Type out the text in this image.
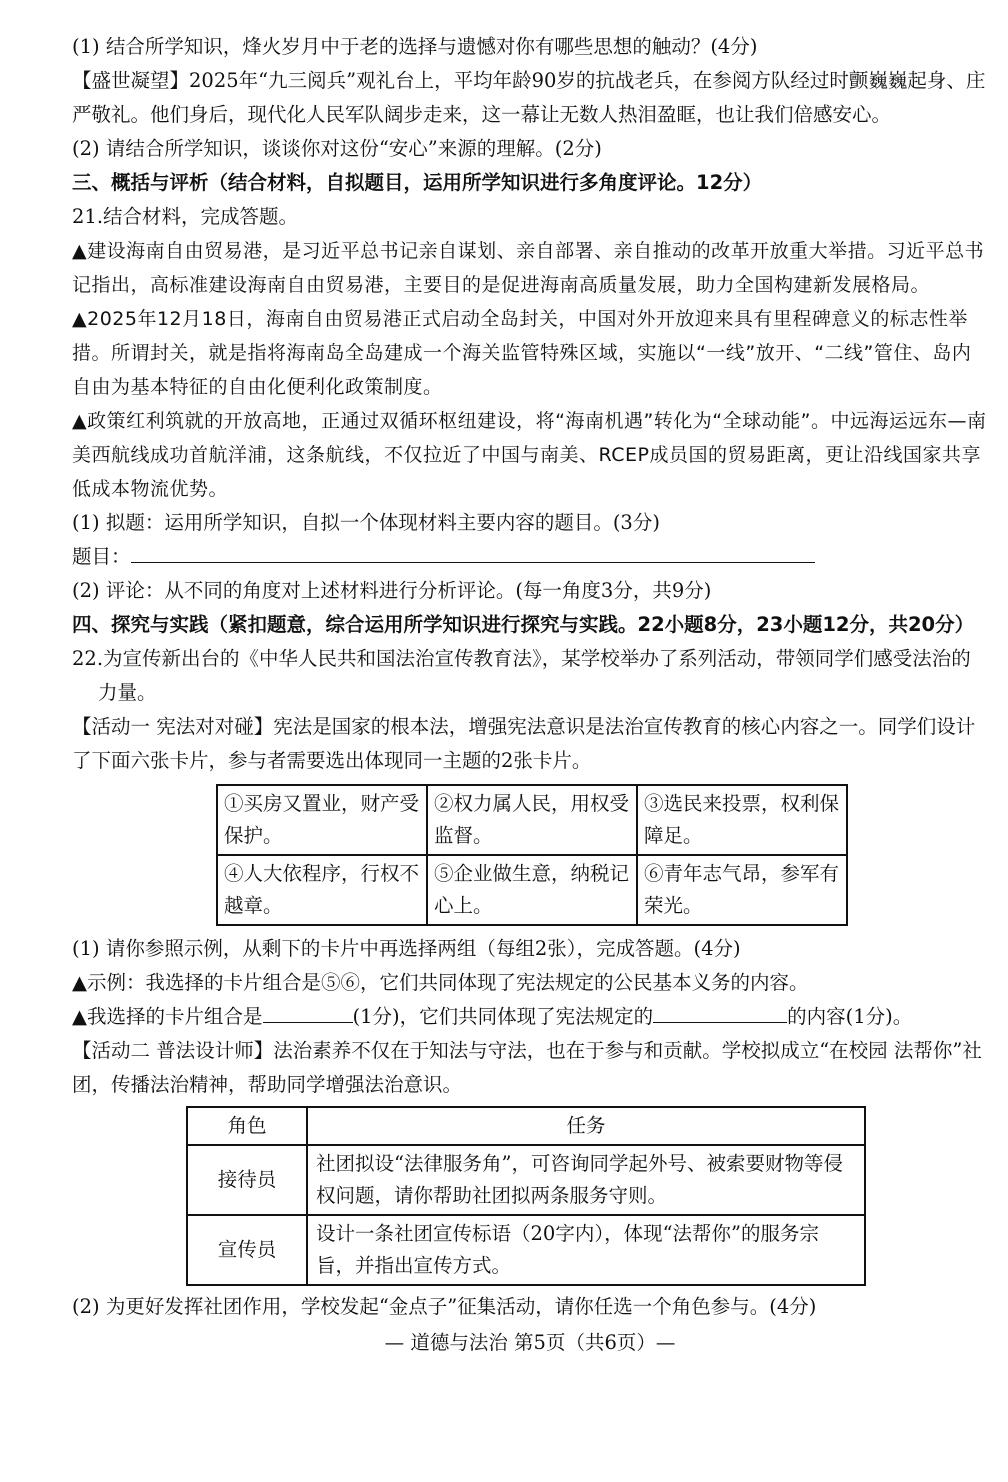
(1) 结合所学知识，烽火岁月中于老的选择与遗憾对你有哪些思想的触动？(4分)
【盛世凝望】2025年“九三阅兵”观礼台上，平均年龄90岁的抗战老兵，在参阅方队经过时颤巍巍起身、庄严敬礼。他们身后，现代化人民军队阔步走来，这一幕让无数人热泪盈眶，也让我们倍感安心。
(2) 请结合所学知识，谈谈你对这份“安心”来源的理解。(2分)
三、概括与评析（结合材料，自拟题目，运用所学知识进行多角度评论。12分）
21.结合材料，完成答题。
▲建设海南自由贸易港，是习近平总书记亲自谋划、亲自部署、亲自推动的改革开放重大举措。习近平总书记指出，高标准建设海南自由贸易港，主要目的是促进海南高质量发展，助力全国构建新发展格局。
▲2025年12月18日，海南自由贸易港正式启动全岛封关，中国对外开放迎来具有里程碑意义的标志性举措。所谓封关，就是指将海南岛全岛建成一个海关监管特殊区域，实施以“一线”放开、“二线”管住、岛内自由为基本特征的自由化便利化政策制度。
▲政策红利筑就的开放高地，正通过双循环枢纽建设，将“海南机遇”转化为“全球动能”。中远海运远东—南美西航线成功首航洋浦，这条航线，不仅拉近了中国与南美、RCEP成员国的贸易距离，更让沿线国家共享低成本物流优势。
(1) 拟题：运用所学知识，自拟一个体现材料主要内容的题目。(3分)
题目：
(2) 评论：从不同的角度对上述材料进行分析评论。(每一角度3分，共9分)
四、探究与实践（紧扣题意，综合运用所学知识进行探究与实践。22小题8分，23小题12分，共20分）
22.为宣传新出台的《中华人民共和国法治宣传教育法》，某学校举办了系列活动，带领同学们感受法治的力量。
【活动一 宪法对对碰】宪法是国家的根本法，增强宪法意识是法治宣传教育的核心内容之一。同学们设计了下面六张卡片，参与者需要选出体现同一主题的2张卡片。
①买房又置业，财产受保护。	②权力属人民，用权受监督。	③选民来投票，权利保障足。
④人大依程序，行权不越章。	⑤企业做生意，纳税记心上。	⑥青年志气昂，参军有荣光。
(1) 请你参照示例，从剩下的卡片中再选择两组（每组2张），完成答题。(4分)
▲示例：我选择的卡片组合是⑤⑥，它们共同体现了宪法规定的公民基本义务的内容。
▲我选择的卡片组合是	(1分)，它们共同体现了宪法规定的	的内容(1分)。
【活动二 普法设计师】法治素养不仅在于知法与守法，也在于参与和贡献。学校拟成立“在校园 法帮你”社团，传播法治精神，帮助同学增强法治意识。
角色	任务
接待员	社团拟设“法律服务角”，可咨询同学起外号、被索要财物等侵权问题，请你帮助社团拟两条服务守则。
宣传员	设计一条社团宣传标语（20字内），体现“法帮你”的服务宗旨，并指出宣传方式。
(2) 为更好发挥社团作用，学校发起“金点子”征集活动，请你任选一个角色参与。(4分)
— 道德与法治 第5页（共6页）—
